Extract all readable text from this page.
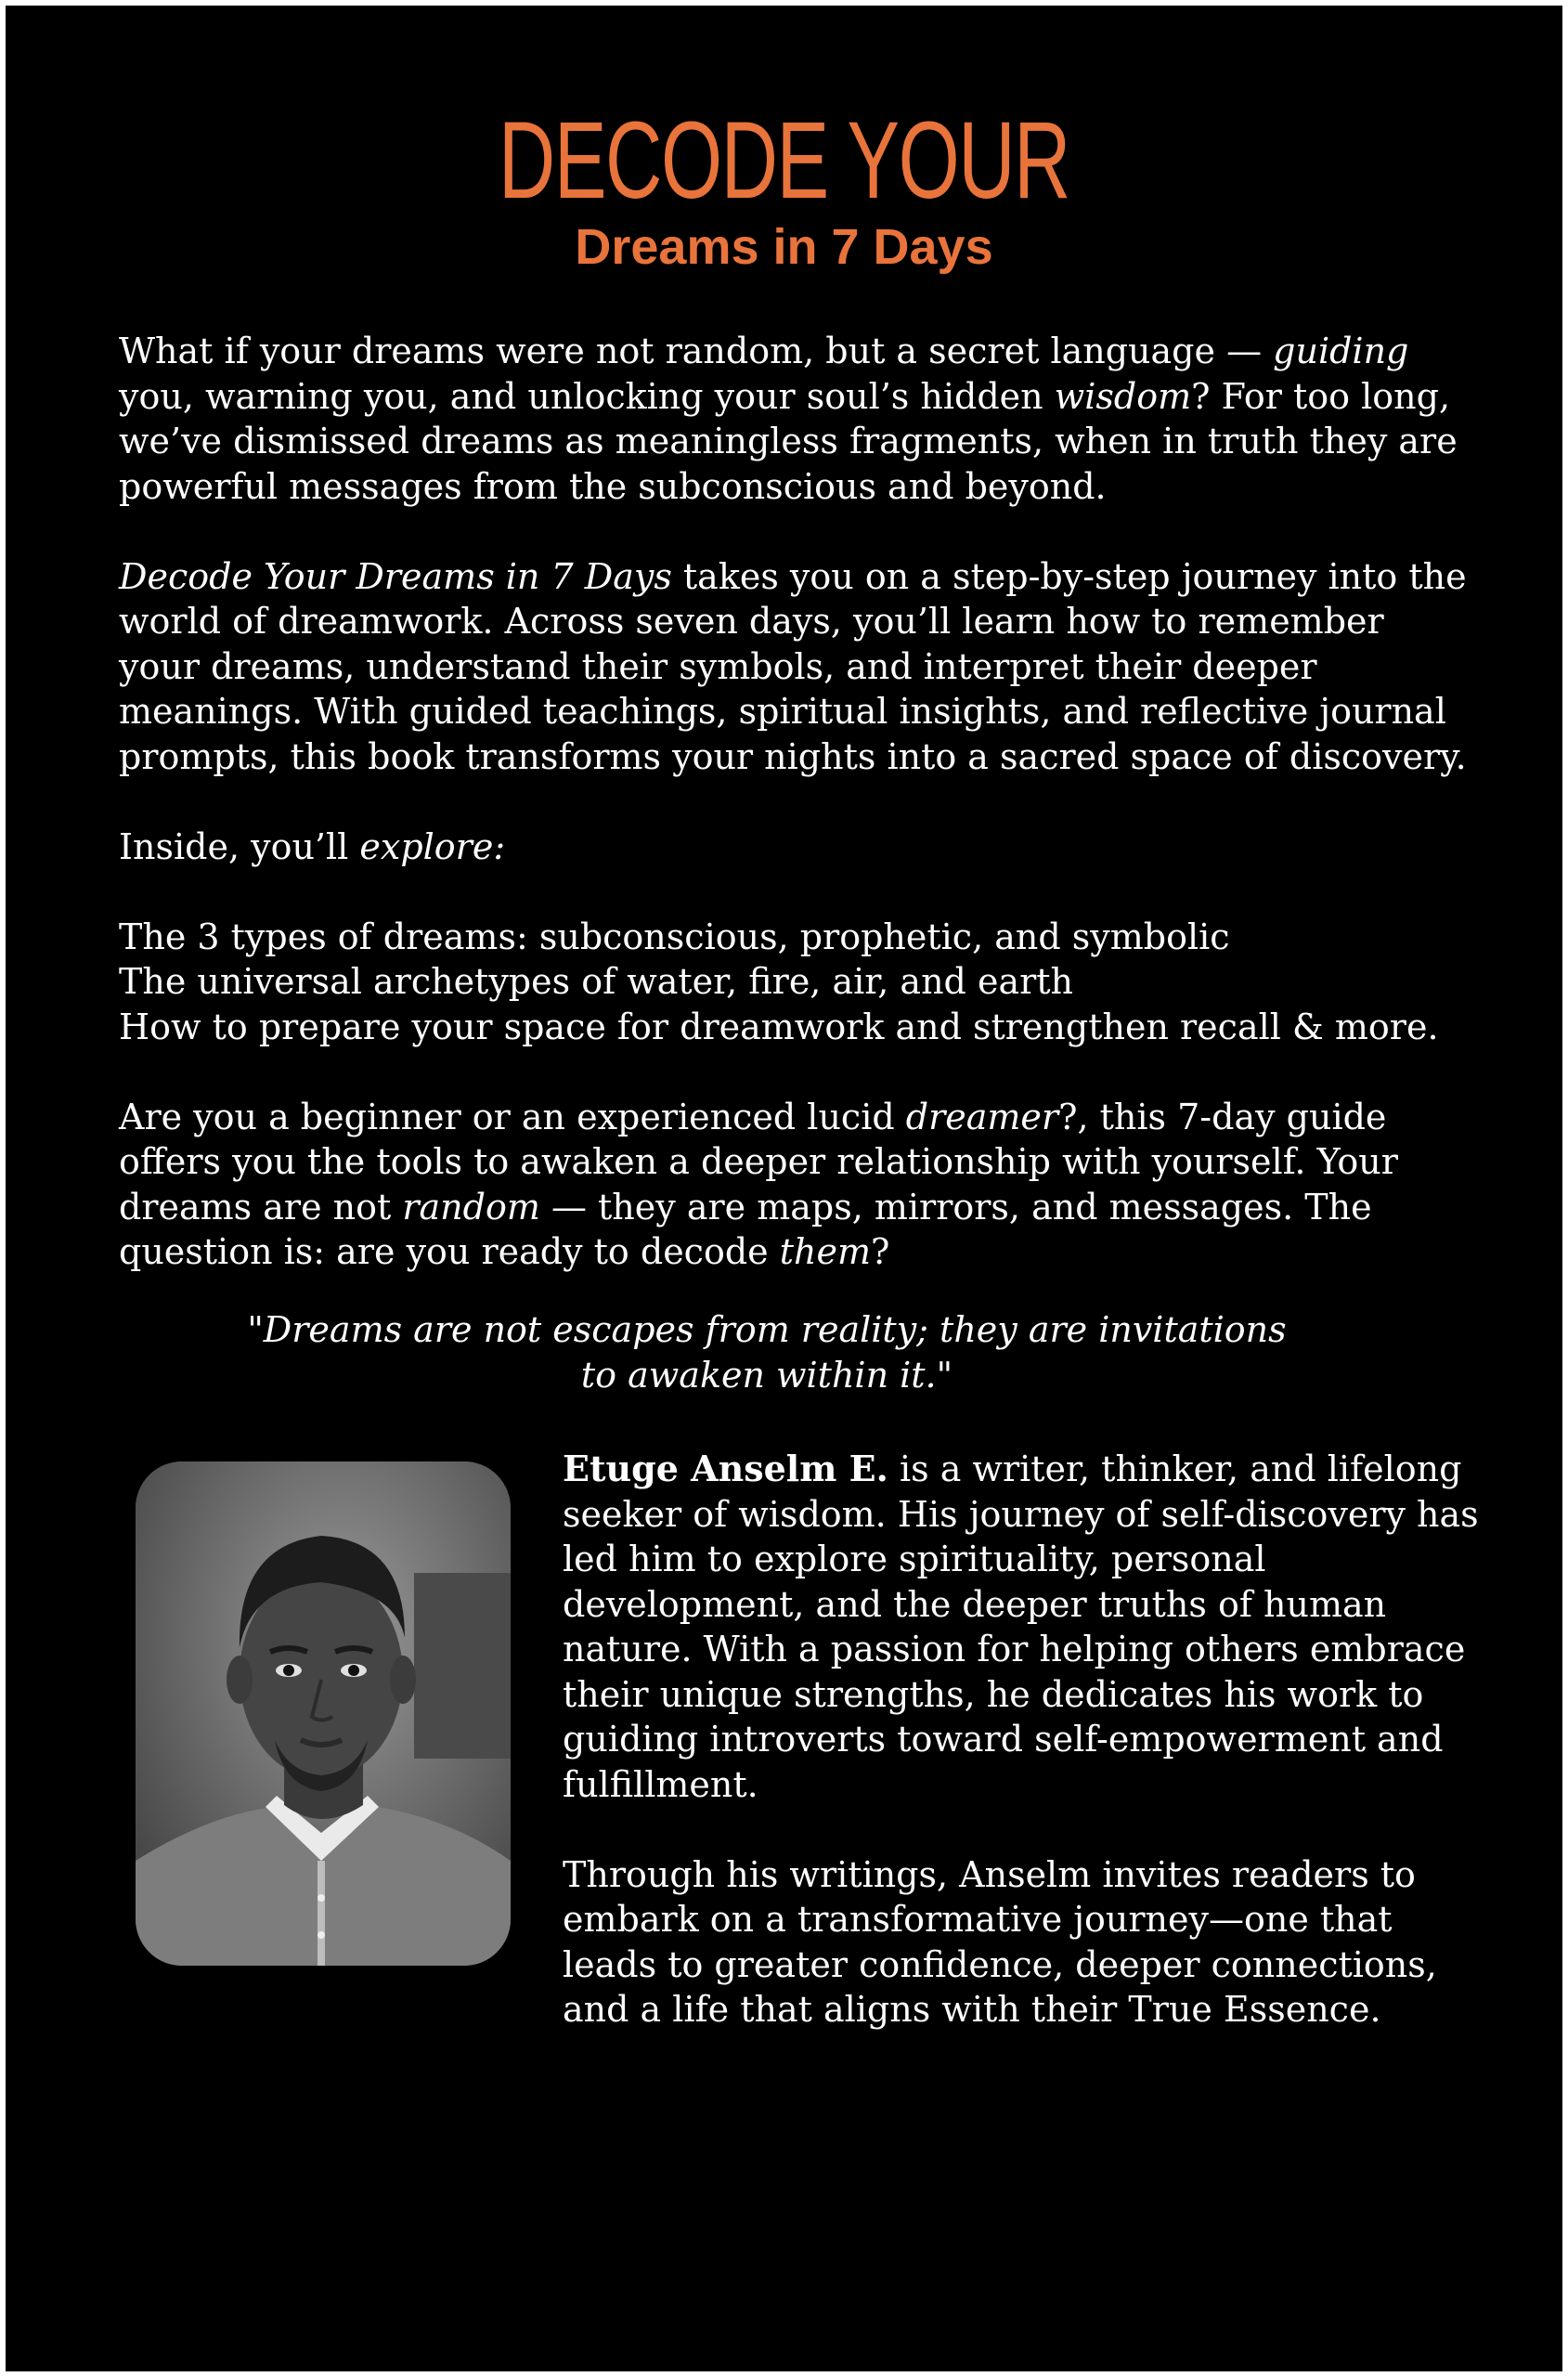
DECODE YOUR
Dreams in 7 Days

What if your dreams were not random, but a secret language — guiding you, warning you, and unlocking your soul’s hidden wisdom? For too long, we’ve dismissed dreams as meaningless fragments, when in truth they are powerful messages from the subconscious and beyond.

Decode Your Dreams in 7 Days takes you on a step-by-step journey into the world of dreamwork. Across seven days, you’ll learn how to remember your dreams, understand their symbols, and interpret their deeper meanings. With guided teachings, spiritual insights, and reflective journal prompts, this book transforms your nights into a sacred space of discovery.

Inside, you’ll explore:

The 3 types of dreams: subconscious, prophetic, and symbolic

The universal archetypes of water, fire, air, and earth

How to prepare your space for dreamwork and strengthen recall & more.

Are you a beginner or an experienced lucid dreamer?, this 7-day guide offers you the tools to awaken a deeper relationship with yourself. Your dreams are not random — they are maps, mirrors, and messages. The question is: are you ready to decode them?

"Dreams are not escapes from reality; they are invitations to awaken within it."

Etuge Anselm E. is a writer, thinker, and lifelong seeker of wisdom. His journey of self-discovery has led him to explore spirituality, personal development, and the deeper truths of human nature. With a passion for helping others embrace their unique strengths, he dedicates his work to guiding introverts toward self-empowerment and fulfillment.

Through his writings, Anselm invites readers to embark on a transformative journey—one that leads to greater confidence, deeper connections, and a life that aligns with their True Essence.
